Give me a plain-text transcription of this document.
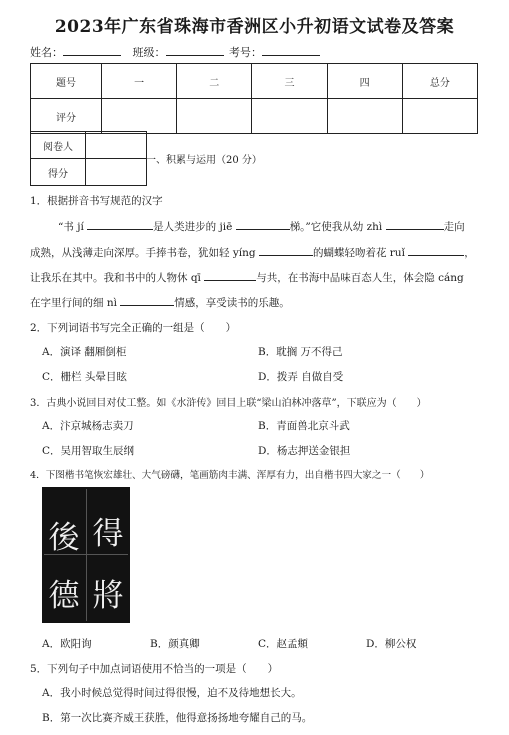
2023年广东省珠海市香洲区小升初语文试卷及答案
姓名：	班级：	考号：
题号	一	二	三	四	总分
评分					
阅卷人	
得分	
一、积累与运用（20 分）
1．根据拼音书写规范的汉字
“书 jí	是人类进步的 jiē	梯。”它使我从幼 zhì	走向
成熟，从浅薄走向深厚。手捧书卷，犹如轻 yíng	的蝴蝶轻吻着花 ruǐ	，
让我乐在其中。我和书中的人物休 qī	与共，在书海中品味百态人生，体会隐 cáng
在字里行间的细 nì	情感，享受读书的乐趣。
2．下列词语书写完全正确的一组是（　　）
A．演译 翻厢倒柜	B．耽搁 万不得己
C．栅栏 头晕目眩	D．拨弄 自做自受
3．古典小说回目对仗工整。如《水浒传》回目上联“梁山泊林冲落草”，下联应为（　　）
A．汴京城杨志卖刀	B．青面兽北京斗武
C．吴用智取生辰纲	D．杨志押送金银担
4．下图楷书笔恢宏雄壮、大气磅礴，笔画筋肉丰满、浑厚有力，出自楷书四大家之一（　　）
得
將
後
德
A．欧阳询	B．颜真卿	C．赵孟頫	D．柳公权
5．下列句子中加点词语使用不恰当的一项是（　　）
A．我小时候总觉得时间过得很慢，迫不及待地想长大。
B．第一次比赛齐威王获胜，他得意扬扬地夸耀自己的马。
